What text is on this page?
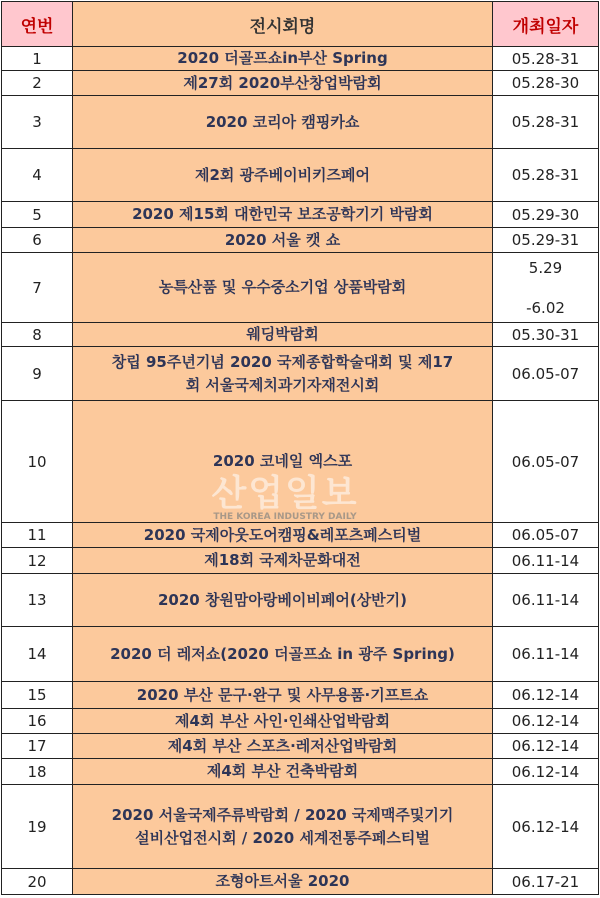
연번	전시회명	개최일자
1	2020 더골프쇼in부산 Spring	05.28-31

2	제27회 2020부산창업박람회	05.28-30

3	2020 코리아 캠핑카쇼	05.28-31

4	제2회 광주베이비키즈페어	05.28-31

5	2020 제15회 대한민국 보조공학기기 박람회	05.29-30

6	2020 서울 캣 쇼	05.29-31

7	농특산품 및 우수중소기업 상품박람회	5.29
-6.02

8	웨딩박람회	05.30-31

9	창립 95주년기념 2020 국제종합학술대회 및 제17
회 서울국제치과기자재전시회	06.05-07

10	2020 코네일 엑스포	06.05-07

11	2020 국제아웃도어캠핑&레포츠페스티벌	06.05-07

12	제18회 국제차문화대전	06.11-14

13	2020 창원맘아랑베이비페어(상반기)	06.11-14

14	2020 더 레저쇼(2020 더골프쇼 in 광주 Spring)	06.11-14

15	2020 부산 문구·완구 및 사무용품·기프트쇼	06.12-14

16	제4회 부산 사인·인쇄산업박람회	06.12-14

17	제4회 부산 스포츠·레저산업박람회	06.12-14

18	제4회 부산 건축박람회	06.12-14

19	2020 서울국제주류박람회 / 2020 국제맥주및기기
설비산업전시회 / 2020 세계전통주페스티벌	06.12-14

20	조형아트서울 2020	06.17-21
산업일보
THE KOREA INDUSTRY DAILY
